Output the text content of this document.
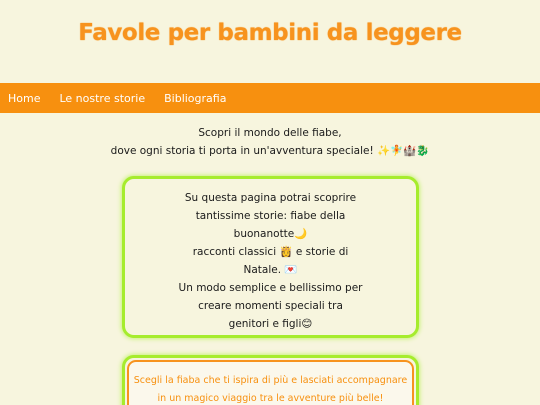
Favole per bambini da leggere
Home Le nostre storie Bibliografia
Scopri il mondo delle fiabe,
dove ogni storia ti porta in un'avventura speciale! ✨🧚🏰🐉
Su questa pagina potrai scoprire
tantissime storie: fiabe della
buonanotte🌙
racconti classici 👸 e storie di
Natale. 💌
Un modo semplice e bellissimo per
creare momenti speciali tra
genitori e figli😊
Scegli la fiaba che ti ispira di più e lasciati accompagnare
in un magico viaggio tra le avventure più belle!
